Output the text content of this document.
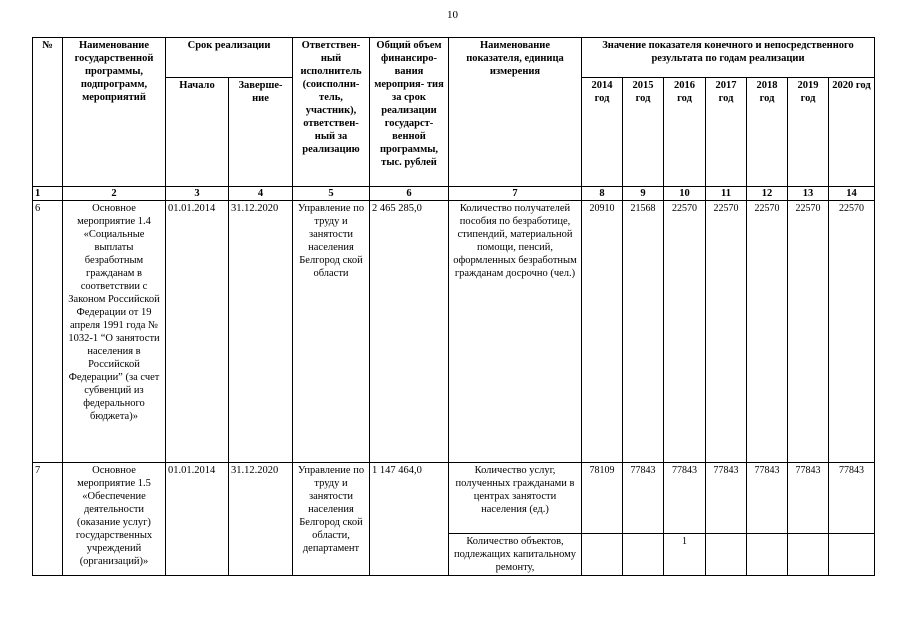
10
№	Наименование государственной программы, подпрограмм, мероприятий	Срок реализации		Ответствен- ный исполнитель (соисполни- тель, участник), ответствен- ный за реализацию	Общий объем финансиро- вания мероприя- тия за срок реализации государст- венной программы, тыс. рублей	Наименование показателя, единица измерения	Значение показателя конечного и непосредственного результата по годам реализации						
		Начало	Заверше- ние				2014 год	2015 год	2016 год	2017 год	2018 год	2019 год	2020 год
1	2	3	4	5	6	7	8	9	10	11	12	13	14
6	Основное мероприятие 1.4 «Социальные выплаты безработным гражданам в соответствии с Законом Российской Федерации от 19 апреля 1991 года № 1032-1 “О занятости населения в Российской Федерации” (за счет субвенций из федерального бюджета)»	01.01.2014	31.12.2020	Управление по труду и занятости населения Белгород ской области	2 465 285,0	Количество получателей пособия по безработице, стипендий, материальной помощи, пенсий, оформленных безработным гражданам досрочно (чел.)	20910	21568	22570	22570	22570	22570	22570
7	Основное мероприятие 1.5 «Обеспечение деятельности (оказание услуг) государственных учреждений (организаций)»	01.01.2014	31.12.2020	Управление по труду и занятости населения Белгород ской области, департамент	1 147 464,0	Количество услуг, полученных гражданами в центрах занятости населения (ед.)	78109	77843	77843	77843	77843	77843	77843
						Количество объектов, подлежащих капитальному ремонту,			1				
